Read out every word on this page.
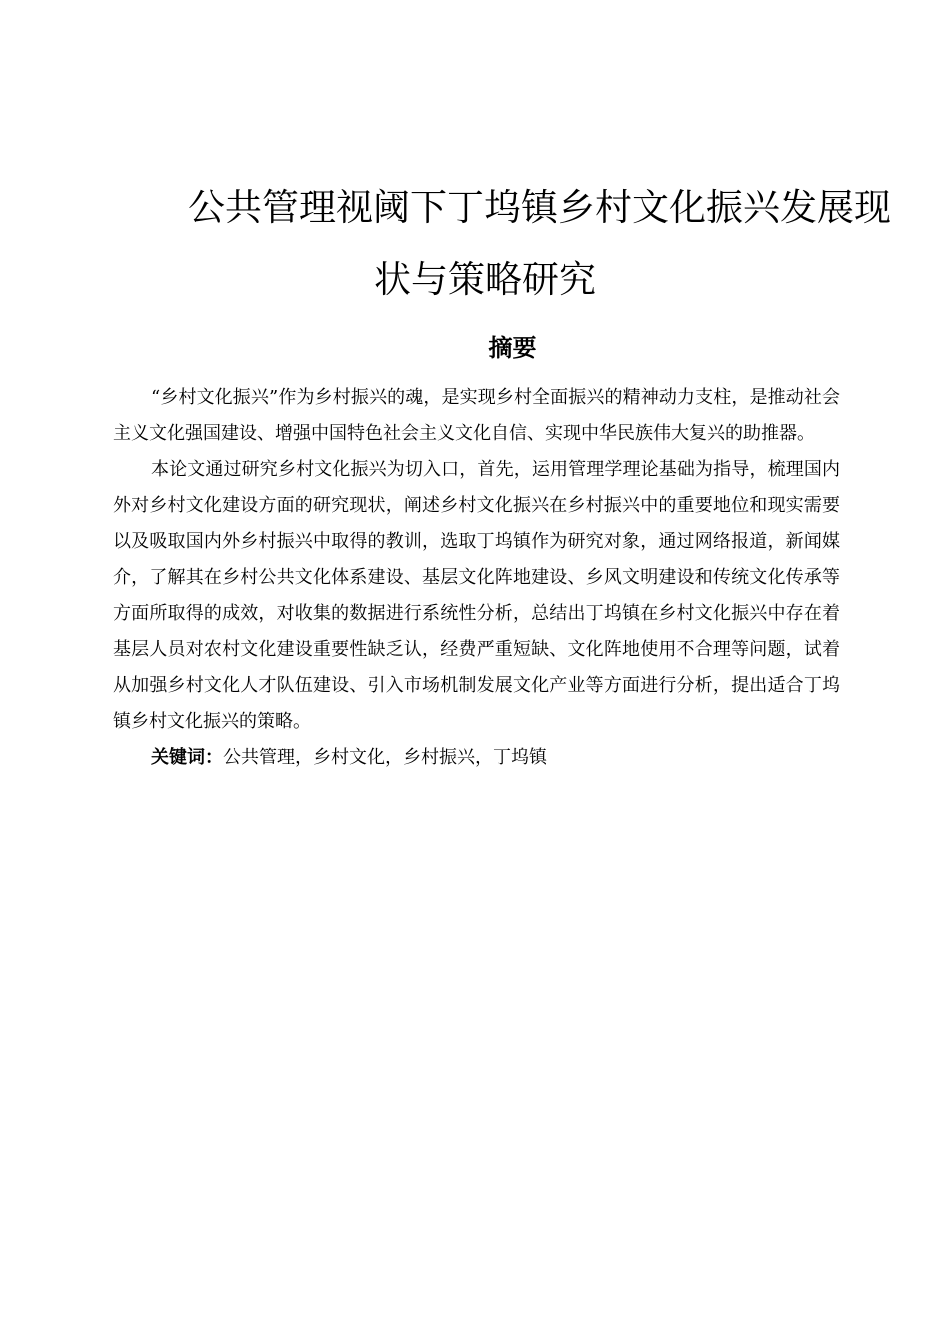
公共管理视阈下丁坞镇乡村文化振兴发展现
状与策略研究
摘要

“乡村文化振兴”作为乡村振兴的魂，是实现乡村全面振兴的精神动力支柱，是推动社会主义文化强国建设、增强中国特色社会主义文化自信、实现中华民族伟大复兴的助推器。

本论文通过研究乡村文化振兴为切入口，首先，运用管理学理论基础为指导，梳理国内外对乡村文化建设方面的研究现状，阐述乡村文化振兴在乡村振兴中的重要地位和现实需要以及吸取国内外乡村振兴中取得的教训，选取丁坞镇作为研究对象，通过网络报道，新闻媒介，了解其在乡村公共文化体系建设、基层文化阵地建设、乡风文明建设和传统文化传承等方面所取得的成效，对收集的数据进行系统性分析，总结出丁坞镇在乡村文化振兴中存在着基层人员对农村文化建设重要性缺乏认，经费严重短缺、文化阵地使用不合理等问题，试着从加强乡村文化人才队伍建设、引入市场机制发展文化产业等方面进行分析，提出适合丁坞镇乡村文化振兴的策略。

关键词：公共管理，乡村文化，乡村振兴，丁坞镇
